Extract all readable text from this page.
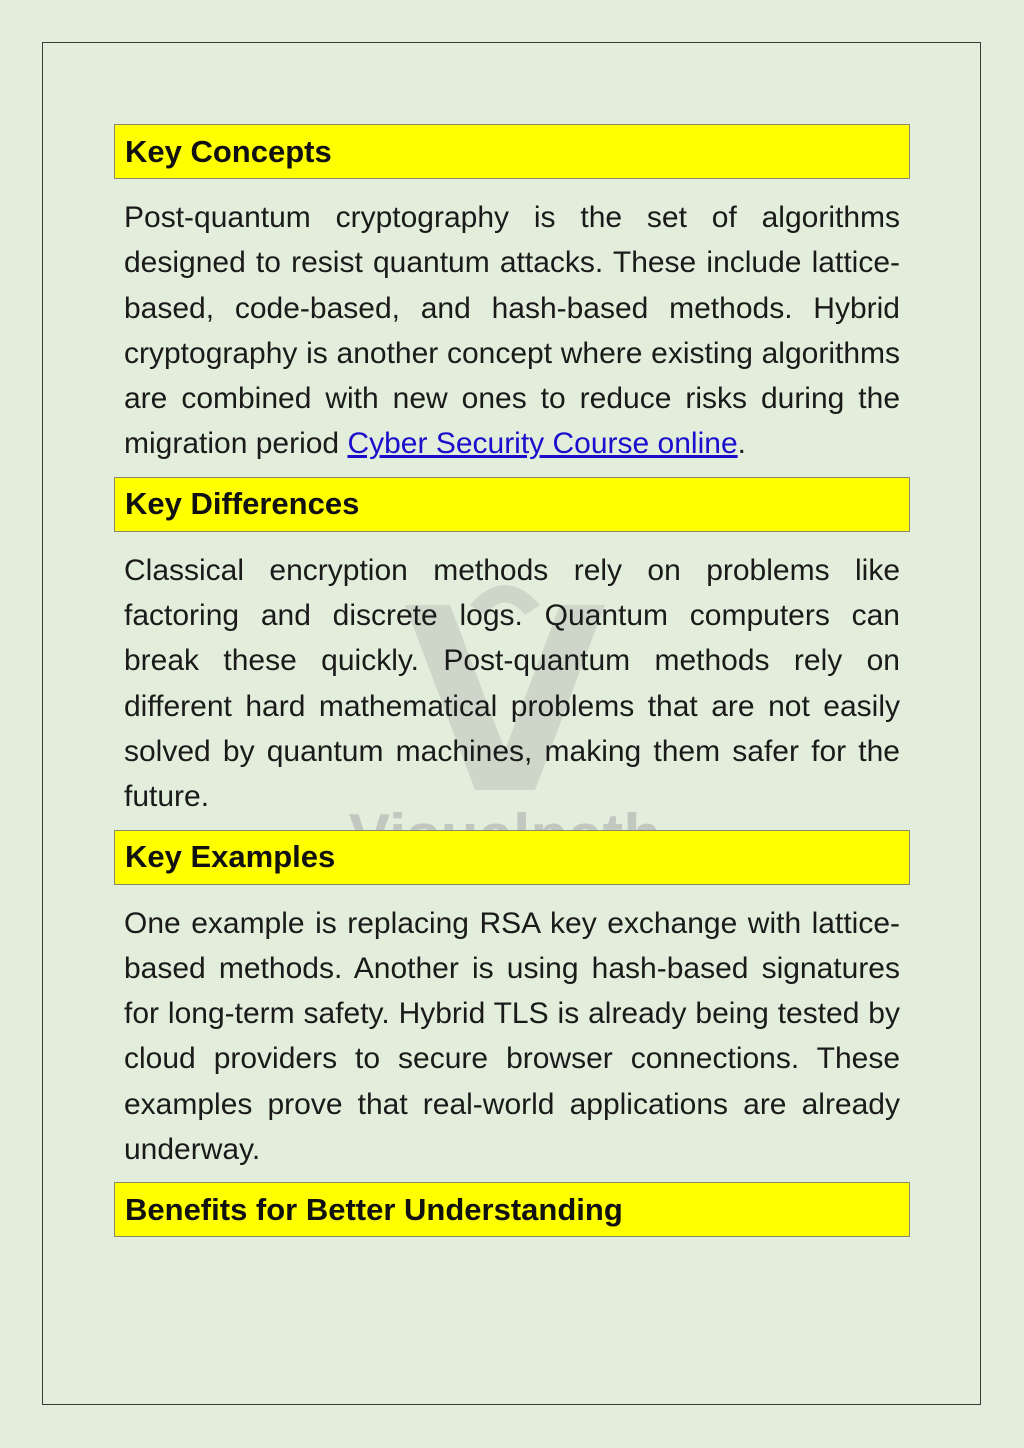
Key Concepts

Post-quantum cryptography is the set of algorithms designed to resist quantum attacks. These include lattice-based, code-based, and hash-based methods. Hybrid cryptography is another concept where existing algorithms are combined with new ones to reduce risks during the migration period Cyber Security Course online.

Key Differences

Classical encryption methods rely on problems like factoring and discrete logs. Quantum computers can break these quickly. Post-quantum methods rely on different hard mathematical problems that are not easily solved by quantum machines, making them safer for the future.

Key Examples

One example is replacing RSA key exchange with lattice-based methods. Another is using hash-based signatures for long-term safety. Hybrid TLS is already being tested by cloud providers to secure browser connections. These examples prove that real-world applications are already underway.

Benefits for Better Understanding
